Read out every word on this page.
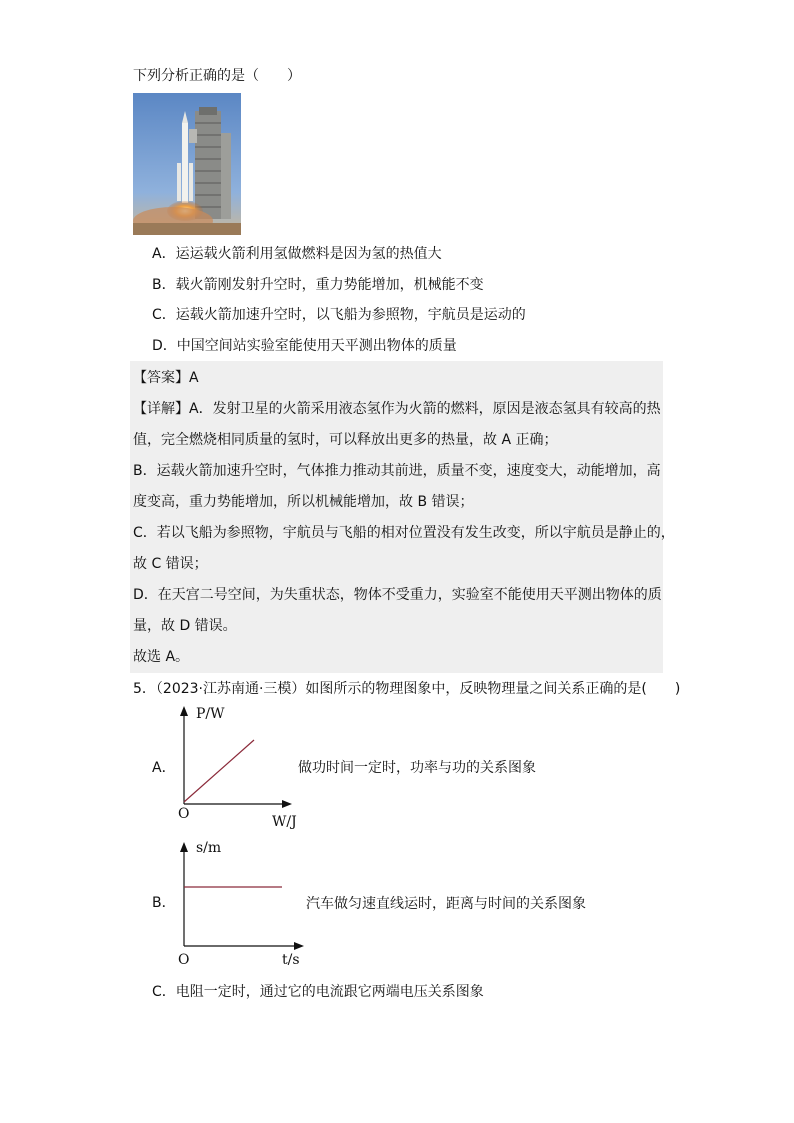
下列分析正确的是（　　）
A．运运载火箭利用氢做燃料是因为氢的热值大
B．载火箭刚发射升空时，重力势能增加，机械能不变
C．运载火箭加速升空时，以飞船为参照物，宇航员是运动的
D．中国空间站实验室能使用天平测出物体的质量
【答案】A
【详解】A．发射卫星的火箭采用液态氢作为火箭的燃料，原因是液态氢具有较高的热
值，完全燃烧相同质量的氢时，可以释放出更多的热量，故 A 正确；
B．运载火箭加速升空时，气体推力推动其前进，质量不变，速度变大，动能增加，高
度变高，重力势能增加，所以机械能增加，故 B 错误；
C．若以飞船为参照物，宇航员与飞船的相对位置没有发生改变，所以宇航员是静止的，
故 C 错误；
D．在天宫二号空间，为失重状态，物体不受重力，实验室不能使用天平测出物体的质
量，故 D 错误。
故选 A。
5．（2023·江苏南通·三模）如图所示的物理图象中，反映物理量之间关系正确的是(　　)
A．
P/W
O	W/J
做功时间一定时，功率与功的关系图象
B．
s/m
O	t/s
汽车做匀速直线运时，距离与时间的关系图象
C．电阻一定时，通过它的电流跟它两端电压关系图象
